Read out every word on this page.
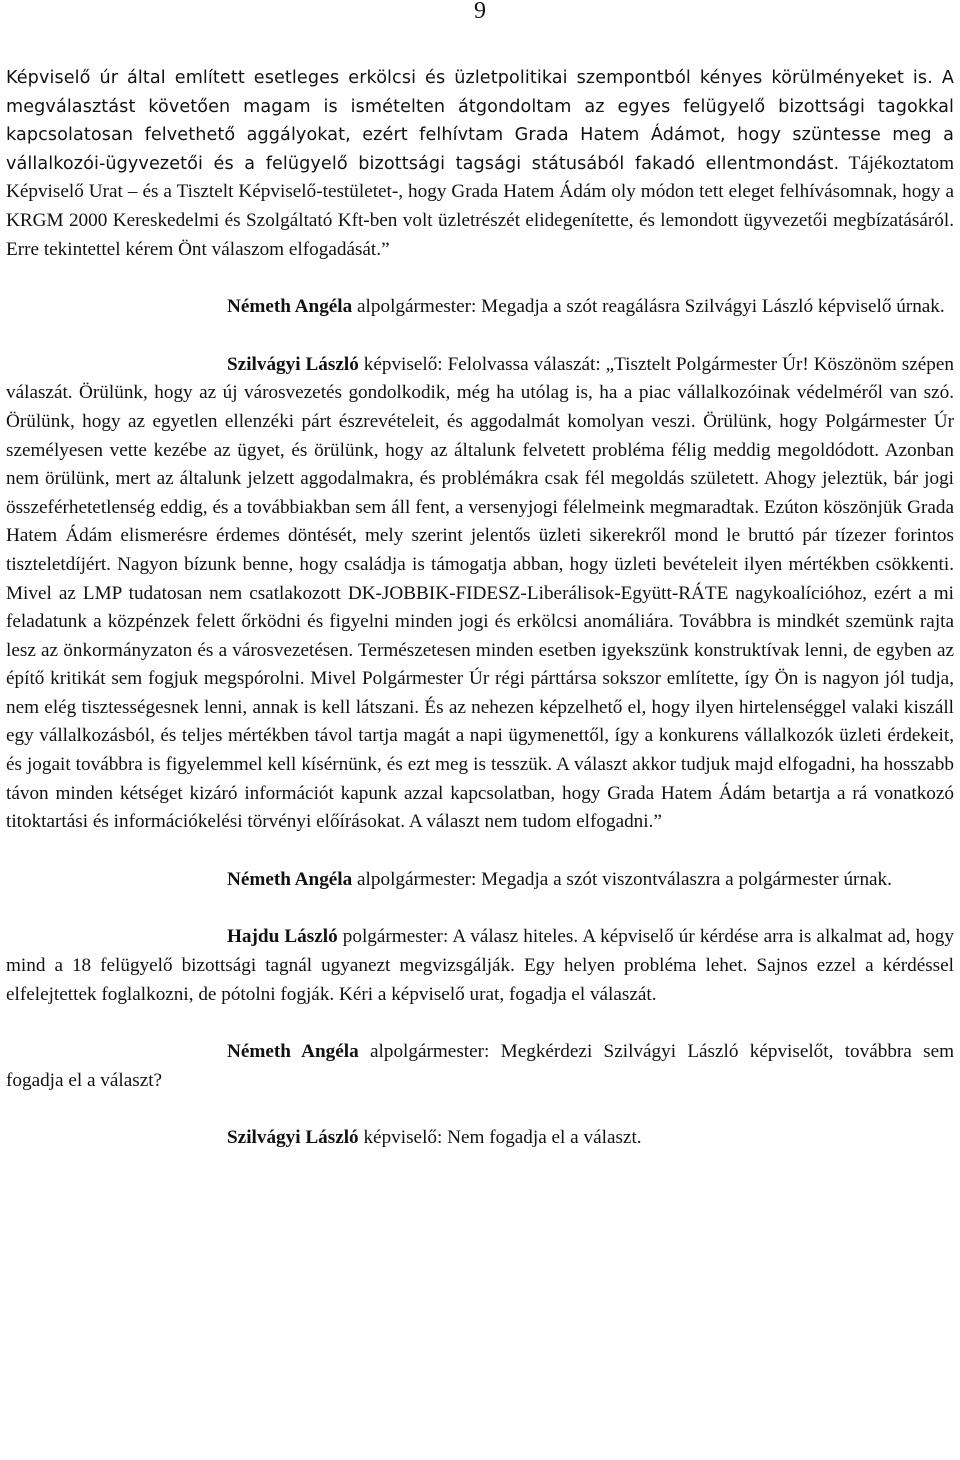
9

Képviselő úr által említett esetleges erkölcsi és üzletpolitikai szempontból kényes körülményeket is. A megválasztást követően magam is ismételten átgondoltam az egyes felügyelő bizottsági tagokkal kapcsolatosan felvethető aggályokat, ezért felhívtam Grada Hatem Ádámot, hogy szüntesse meg a vállalkozói-ügyvezetői és a felügyelő bizottsági tagsági státusából fakadó ellentmondást. Tájékoztatom Képviselő Urat – és a Tisztelt Képviselő-testületet-, hogy Grada Hatem Ádám oly módon tett eleget felhívásomnak, hogy a KRGM 2000 Kereskedelmi és Szolgáltató Kft-ben volt üzletrészét elidegenítette, és lemondott ügyvezetői megbízatásáról. Erre tekintettel kérem Önt válaszom elfogadását.”

Németh Angéla alpolgármester: Megadja a szót reagálásra Szilvágyi László képviselő úrnak.

Szilvágyi László képviselő: Felolvassa válaszát: „Tisztelt Polgármester Úr! Köszönöm szépen válaszát. Örülünk, hogy az új városvezetés gondolkodik, még ha utólag is, ha a piac vállalkozóinak védelméről van szó. Örülünk, hogy az egyetlen ellenzéki párt észrevételeit, és aggodalmát komolyan veszi. Örülünk, hogy Polgármester Úr személyesen vette kezébe az ügyet, és örülünk, hogy az általunk felvetett probléma félig meddig megoldódott. Azonban nem örülünk, mert az általunk jelzett aggodalmakra, és problémákra csak fél megoldás született. Ahogy jeleztük, bár jogi összeférhetetlenség eddig, és a továbbiakban sem áll fent, a versenyjogi félelmeink megmaradtak. Ezúton köszönjük Grada Hatem Ádám elismerésre érdemes döntését, mely szerint jelentős üzleti sikerekről mond le bruttó pár tízezer forintos tiszteletdíjért. Nagyon bízunk benne, hogy családja is támogatja abban, hogy üzleti bevételeit ilyen mértékben csökkenti. Mivel az LMP tudatosan nem csatlakozott DK-JOBBIK-FIDESZ-Liberálisok-Együtt-RÁTE nagykoalícióhoz, ezért a mi feladatunk a közpénzek felett őrködni és figyelni minden jogi és erkölcsi anomáliára. Továbbra is mindkét szemünk rajta lesz az önkormányzaton és a városvezetésen. Természetesen minden esetben igyekszünk konstruktívak lenni, de egyben az építő kritikát sem fogjuk megspórolni. Mivel Polgármester Úr régi párttársa sokszor említette, így Ön is nagyon jól tudja, nem elég tisztességesnek lenni, annak is kell látszani. És az nehezen képzelhető el, hogy ilyen hirtelenséggel valaki kiszáll egy vállalkozásból, és teljes mértékben távol tartja magát a napi ügymenettől, így a konkurens vállalkozók üzleti érdekeit, és jogait továbbra is figyelemmel kell kísérnünk, és ezt meg is tesszük. A választ akkor tudjuk majd elfogadni, ha hosszabb távon minden kétséget kizáró információt kapunk azzal kapcsolatban, hogy Grada Hatem Ádám betartja a rá vonatkozó titoktartási és információkelési törvényi előírásokat. A választ nem tudom elfogadni.”

Németh Angéla alpolgármester: Megadja a szót viszontválaszra a polgármester úrnak.

Hajdu László polgármester: A válasz hiteles. A képviselő úr kérdése arra is alkalmat ad, hogy mind a 18 felügyelő bizottsági tagnál ugyanezt megvizsgálják. Egy helyen probléma lehet. Sajnos ezzel a kérdéssel elfelejtettek foglalkozni, de pótolni fogják. Kéri a képviselő urat, fogadja el válaszát.

Németh Angéla alpolgármester: Megkérdezi Szilvágyi László képviselőt, továbbra sem fogadja el a választ?

Szilvágyi László képviselő: Nem fogadja el a választ.
